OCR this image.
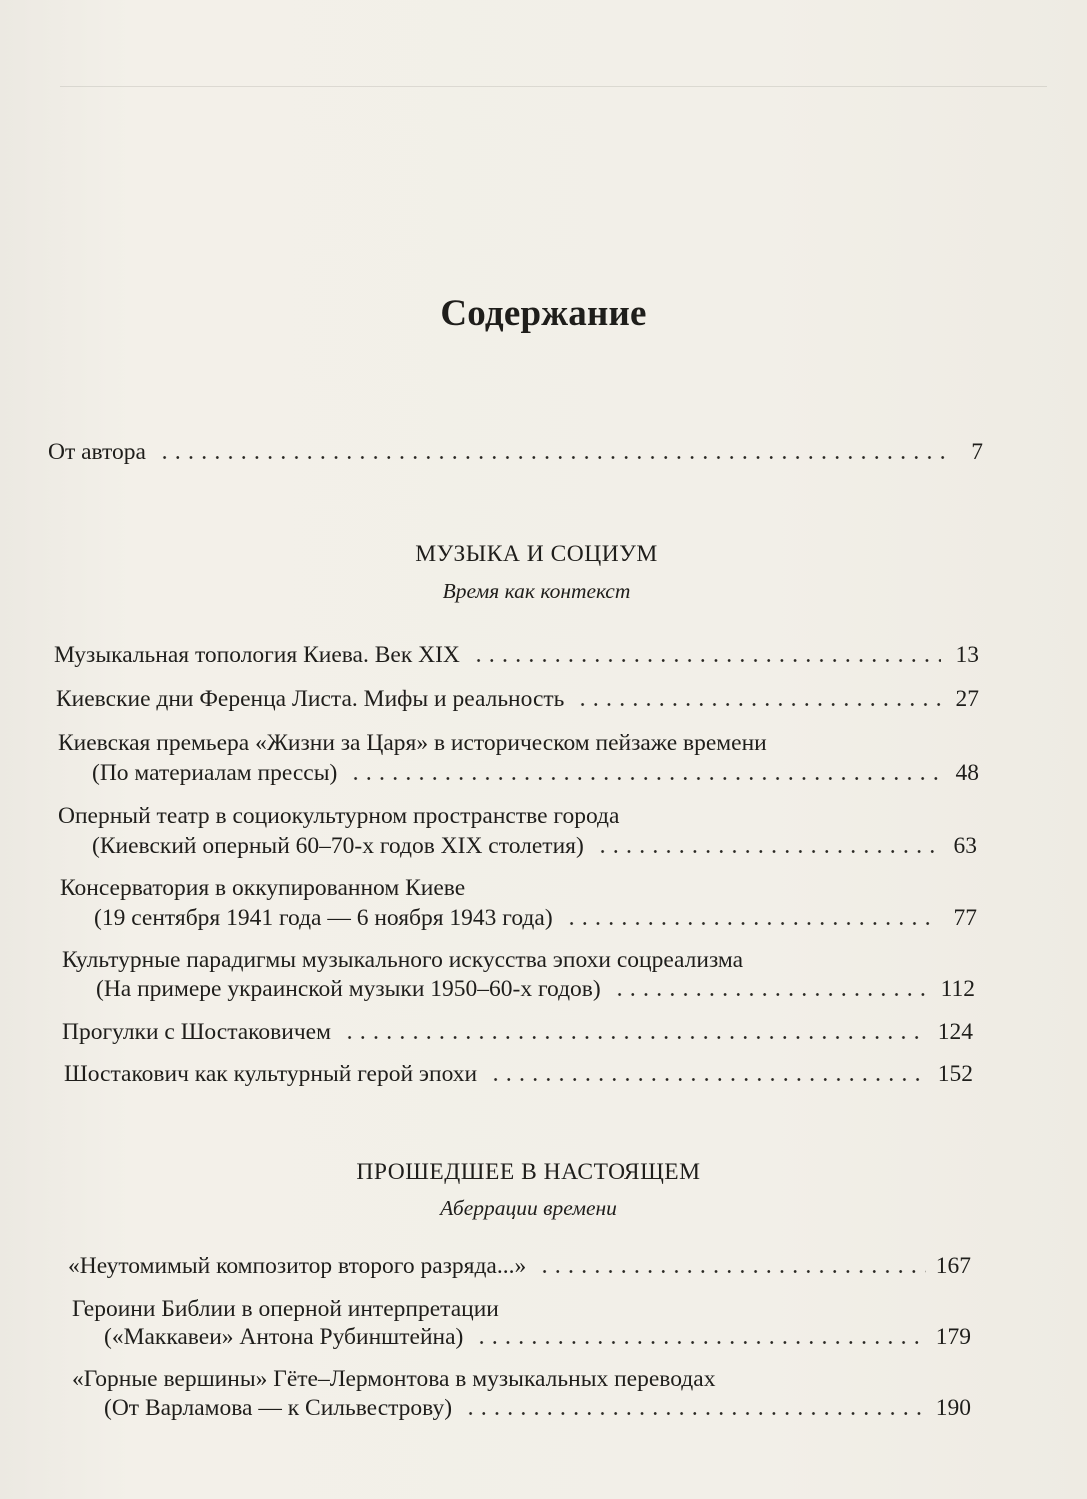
Содержание
От автора	7
МУЗЫКА И СОЦИУМ
Время как контекст
Музыкальная топология Киева. Век XIX	13
Киевские дни Ференца Листа. Мифы и реальность	27
Киевская премьера «Жизни за Царя» в историческом пейзаже времени
(По материалам прессы)	48
Оперный театр в социокультурном пространстве города
(Киевский оперный 60–70-х годов XIX столетия)	63
Консерватория в оккупированном Киеве
(19 сентября 1941 года — 6 ноября 1943 года)	77
Культурные парадигмы музыкального искусства эпохи соцреализма
(На примере украинской музыки 1950–60-х годов)	112
Прогулки с Шостаковичем	124
Шостакович как культурный герой эпохи	152
ПРОШЕДШЕЕ В НАСТОЯЩЕМ
Аберрации времени
«Неутомимый композитор второго разряда...»	167
Героини Библии в оперной интерпретации
(«Маккавеи» Антона Рубинштейна)	179
«Горные вершины» Гёте–Лермонтова в музыкальных переводах
(От Варламова — к Сильвестрову)	190
